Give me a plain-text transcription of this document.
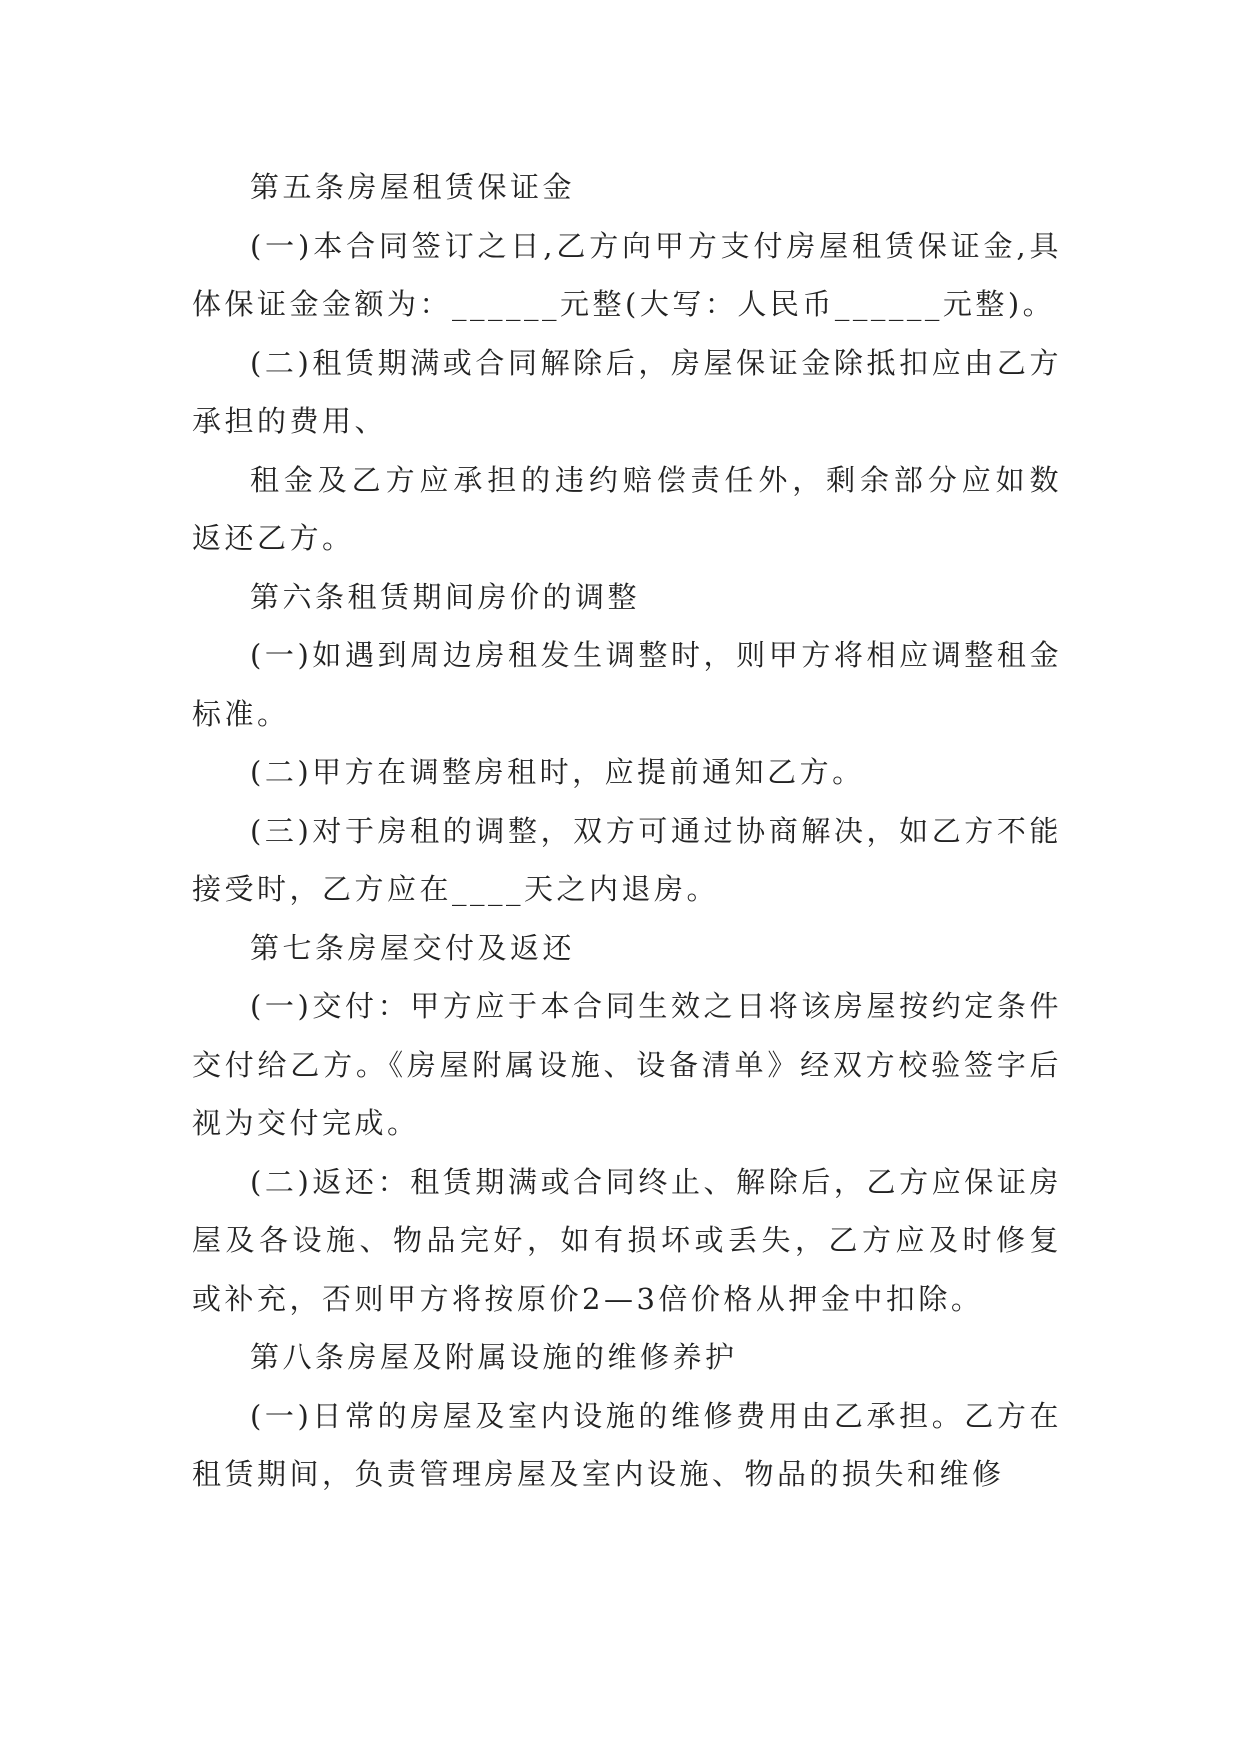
第五条房屋租赁保证金

(一)本合同签订之日,乙方向甲方支付房屋租赁保证金,具体保证金金额为：______元整(大写：人民币______元整)。

(二)租赁期满或合同解除后，房屋保证金除抵扣应由乙方承担的费用、

租金及乙方应承担的违约赔偿责任外，剩余部分应如数返还乙方。

第六条租赁期间房价的调整

(一)如遇到周边房租发生调整时，则甲方将相应调整租金标准。

(二)甲方在调整房租时，应提前通知乙方。

(三)对于房租的调整，双方可通过协商解决，如乙方不能接受时，乙方应在____天之内退房。

第七条房屋交付及返还

(一)交付：甲方应于本合同生效之日将该房屋按约定条件交付给乙方。《房屋附属设施、设备清单》经双方校验签字后视为交付完成。

(二)返还：租赁期满或合同终止、解除后，乙方应保证房屋及各设施、物品完好，如有损坏或丢失，乙方应及时修复或补充，否则甲方将按原价2—3倍价格从押金中扣除。

第八条房屋及附属设施的维修养护

(一)日常的房屋及室内设施的维修费用由乙承担。乙方在租赁期间，负责管理房屋及室内设施、物品的损失和维修
